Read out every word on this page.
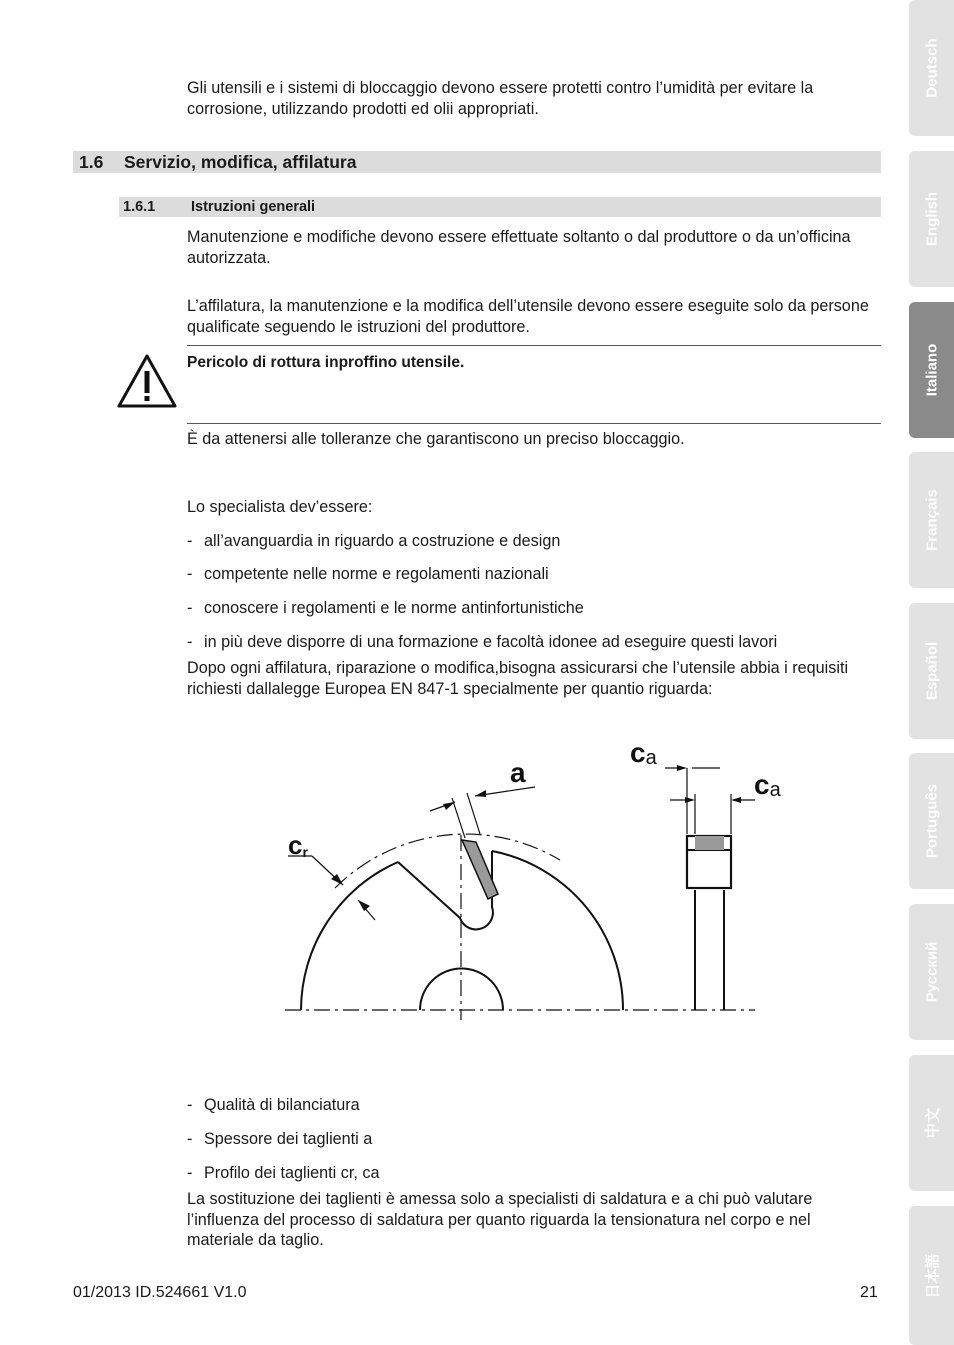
Gli utensili e i sistemi di bloccaggio devono essere protetti contro l’umidità per evitare la corrosione, utilizzando prodotti ed olii appropriati.
1.6 Servizio, modifica, affilatura
1.6.1 Istruzioni generali
Manutenzione e modifiche devono essere effettuate soltanto o dal produttore o da un’officina autorizzata.
L’affilatura, la manutenzione e la modifica dell’utensile devono essere eseguite solo da persone qualificate seguendo le istruzioni del produttore.
Pericolo di rottura inproffino utensile.
È da attenersi alle tolleranze che garantiscono un preciso bloccaggio.
Lo specialista dev’essere:
- all’avanguardia in riguardo a costruzione e design
- competente nelle norme e regolamenti nazionali
- conoscere i regolamenti e le norme antinfortunistiche
- in più deve disporre di una formazione e facoltà idonee ad eseguire questi lavori
Dopo ogni affilatura, riparazione o modifica,bisogna assicurarsi che l’utensile abbia i requisiti richiesti dallalegge Europea EN 847-1 specialmente per quantio riguarda:
a
cr
ca
ca
- Qualità di bilanciatura
- Spessore dei taglienti a
- Profilo dei taglienti cr, ca
La sostituzione dei taglienti è amessa solo a specialisti di saldatura e a chi può valutare l’influenza del processo di saldatura per quanto riguarda la tensionatura nel corpo e nel materiale da taglio.
01/2013 ID.524661 V1.0	21
Deutsch
English
Italiano
Français
Español
Português
Русский
中文
日本語
